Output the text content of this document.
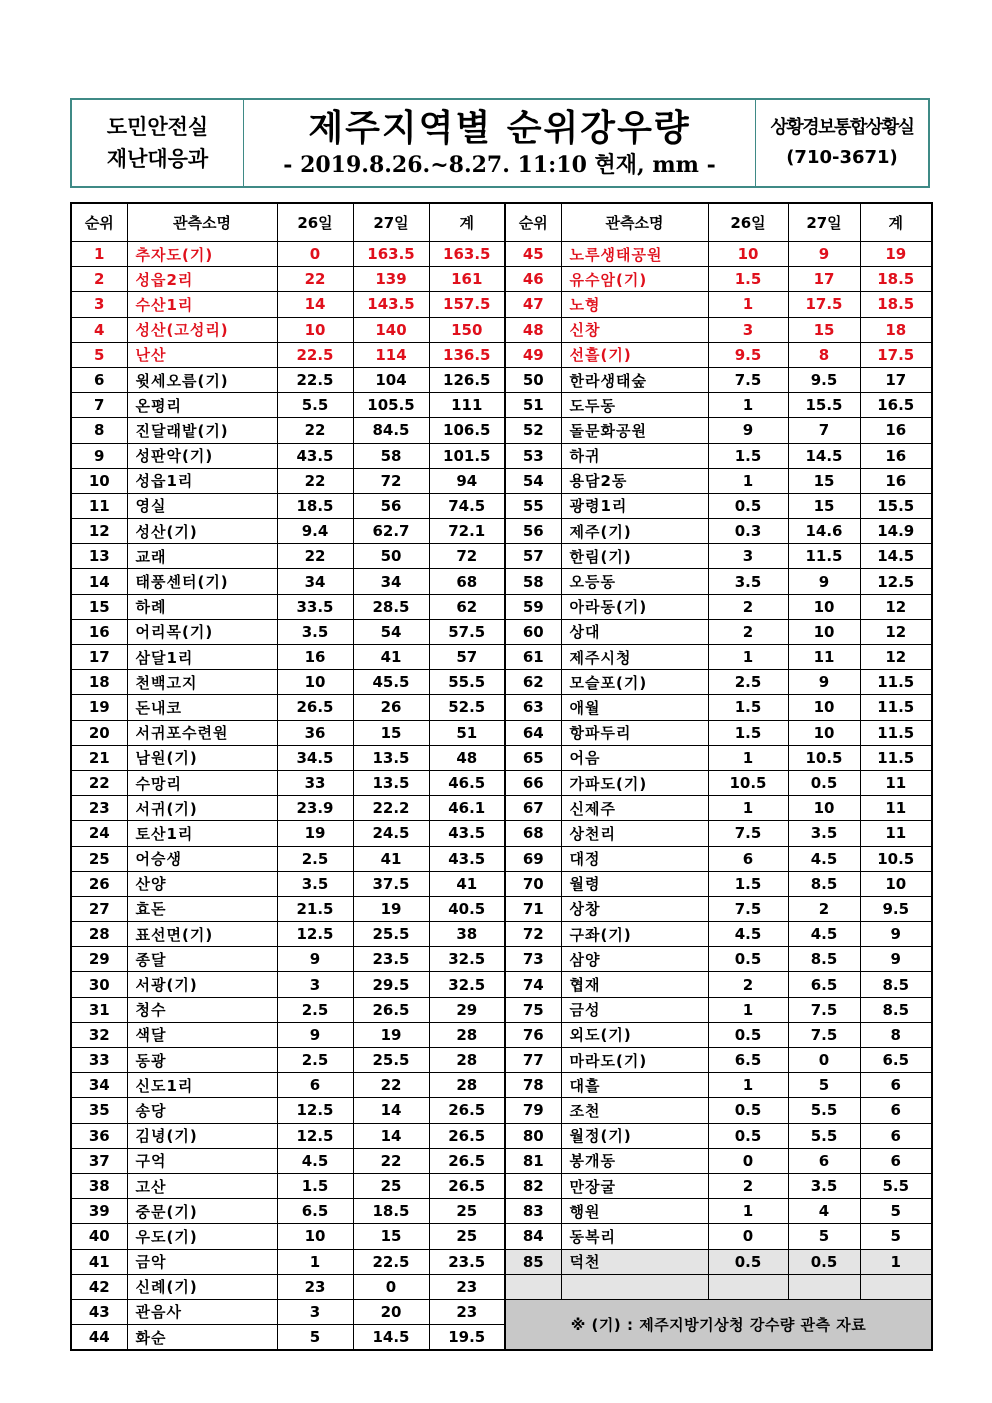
도민안전실
재난대응과
제주지역별 순위강우량
- 2019.8.26.~8.27. 11:10 현재, mm -
상황경보통합상황실
(710-3671)
순위	관측소명	26일	27일	계	순위	관측소명	26일	27일	계
1	추자도(기)	0	163.5	163.5	45	노루생태공원	10	9	19
2	성읍2리	22	139	161	46	유수암(기)	1.5	17	18.5
3	수산1리	14	143.5	157.5	47	노형	1	17.5	18.5
4	성산(고성리)	10	140	150	48	신창	3	15	18
5	난산	22.5	114	136.5	49	선흘(기)	9.5	8	17.5
6	윗세오름(기)	22.5	104	126.5	50	한라생태숲	7.5	9.5	17
7	온평리	5.5	105.5	111	51	도두동	1	15.5	16.5
8	진달래밭(기)	22	84.5	106.5	52	돌문화공원	9	7	16
9	성판악(기)	43.5	58	101.5	53	하귀	1.5	14.5	16
10	성읍1리	22	72	94	54	용담2동	1	15	16
11	영실	18.5	56	74.5	55	광령1리	0.5	15	15.5
12	성산(기)	9.4	62.7	72.1	56	제주(기)	0.3	14.6	14.9
13	교래	22	50	72	57	한림(기)	3	11.5	14.5
14	태풍센터(기)	34	34	68	58	오등동	3.5	9	12.5
15	하례	33.5	28.5	62	59	아라동(기)	2	10	12
16	어리목(기)	3.5	54	57.5	60	상대	2	10	12
17	삼달1리	16	41	57	61	제주시청	1	11	12
18	천백고지	10	45.5	55.5	62	모슬포(기)	2.5	9	11.5
19	돈내코	26.5	26	52.5	63	애월	1.5	10	11.5
20	서귀포수련원	36	15	51	64	항파두리	1.5	10	11.5
21	남원(기)	34.5	13.5	48	65	어음	1	10.5	11.5
22	수망리	33	13.5	46.5	66	가파도(기)	10.5	0.5	11
23	서귀(기)	23.9	22.2	46.1	67	신제주	1	10	11
24	토산1리	19	24.5	43.5	68	상천리	7.5	3.5	11
25	어승생	2.5	41	43.5	69	대정	6	4.5	10.5
26	산양	3.5	37.5	41	70	월령	1.5	8.5	10
27	효돈	21.5	19	40.5	71	상창	7.5	2	9.5
28	표선면(기)	12.5	25.5	38	72	구좌(기)	4.5	4.5	9
29	종달	9	23.5	32.5	73	삼양	0.5	8.5	9
30	서광(기)	3	29.5	32.5	74	협재	2	6.5	8.5
31	청수	2.5	26.5	29	75	금성	1	7.5	8.5
32	색달	9	19	28	76	외도(기)	0.5	7.5	8
33	동광	2.5	25.5	28	77	마라도(기)	6.5	0	6.5
34	신도1리	6	22	28	78	대흘	1	5	6
35	송당	12.5	14	26.5	79	조천	0.5	5.5	6
36	김녕(기)	12.5	14	26.5	80	월정(기)	0.5	5.5	6
37	구억	4.5	22	26.5	81	봉개동	0	6	6
38	고산	1.5	25	26.5	82	만장굴	2	3.5	5.5
39	중문(기)	6.5	18.5	25	83	행원	1	4	5
40	우도(기)	10	15	25	84	동복리	0	5	5
41	금악	1	22.5	23.5	85	덕천	0.5	0.5	1
42	신례(기)	23	0	23					
43	관음사	3	20	23	※ (기) : 제주지방기상청 강수량 관측 자료				
44	화순	5	14.5	19.5					
